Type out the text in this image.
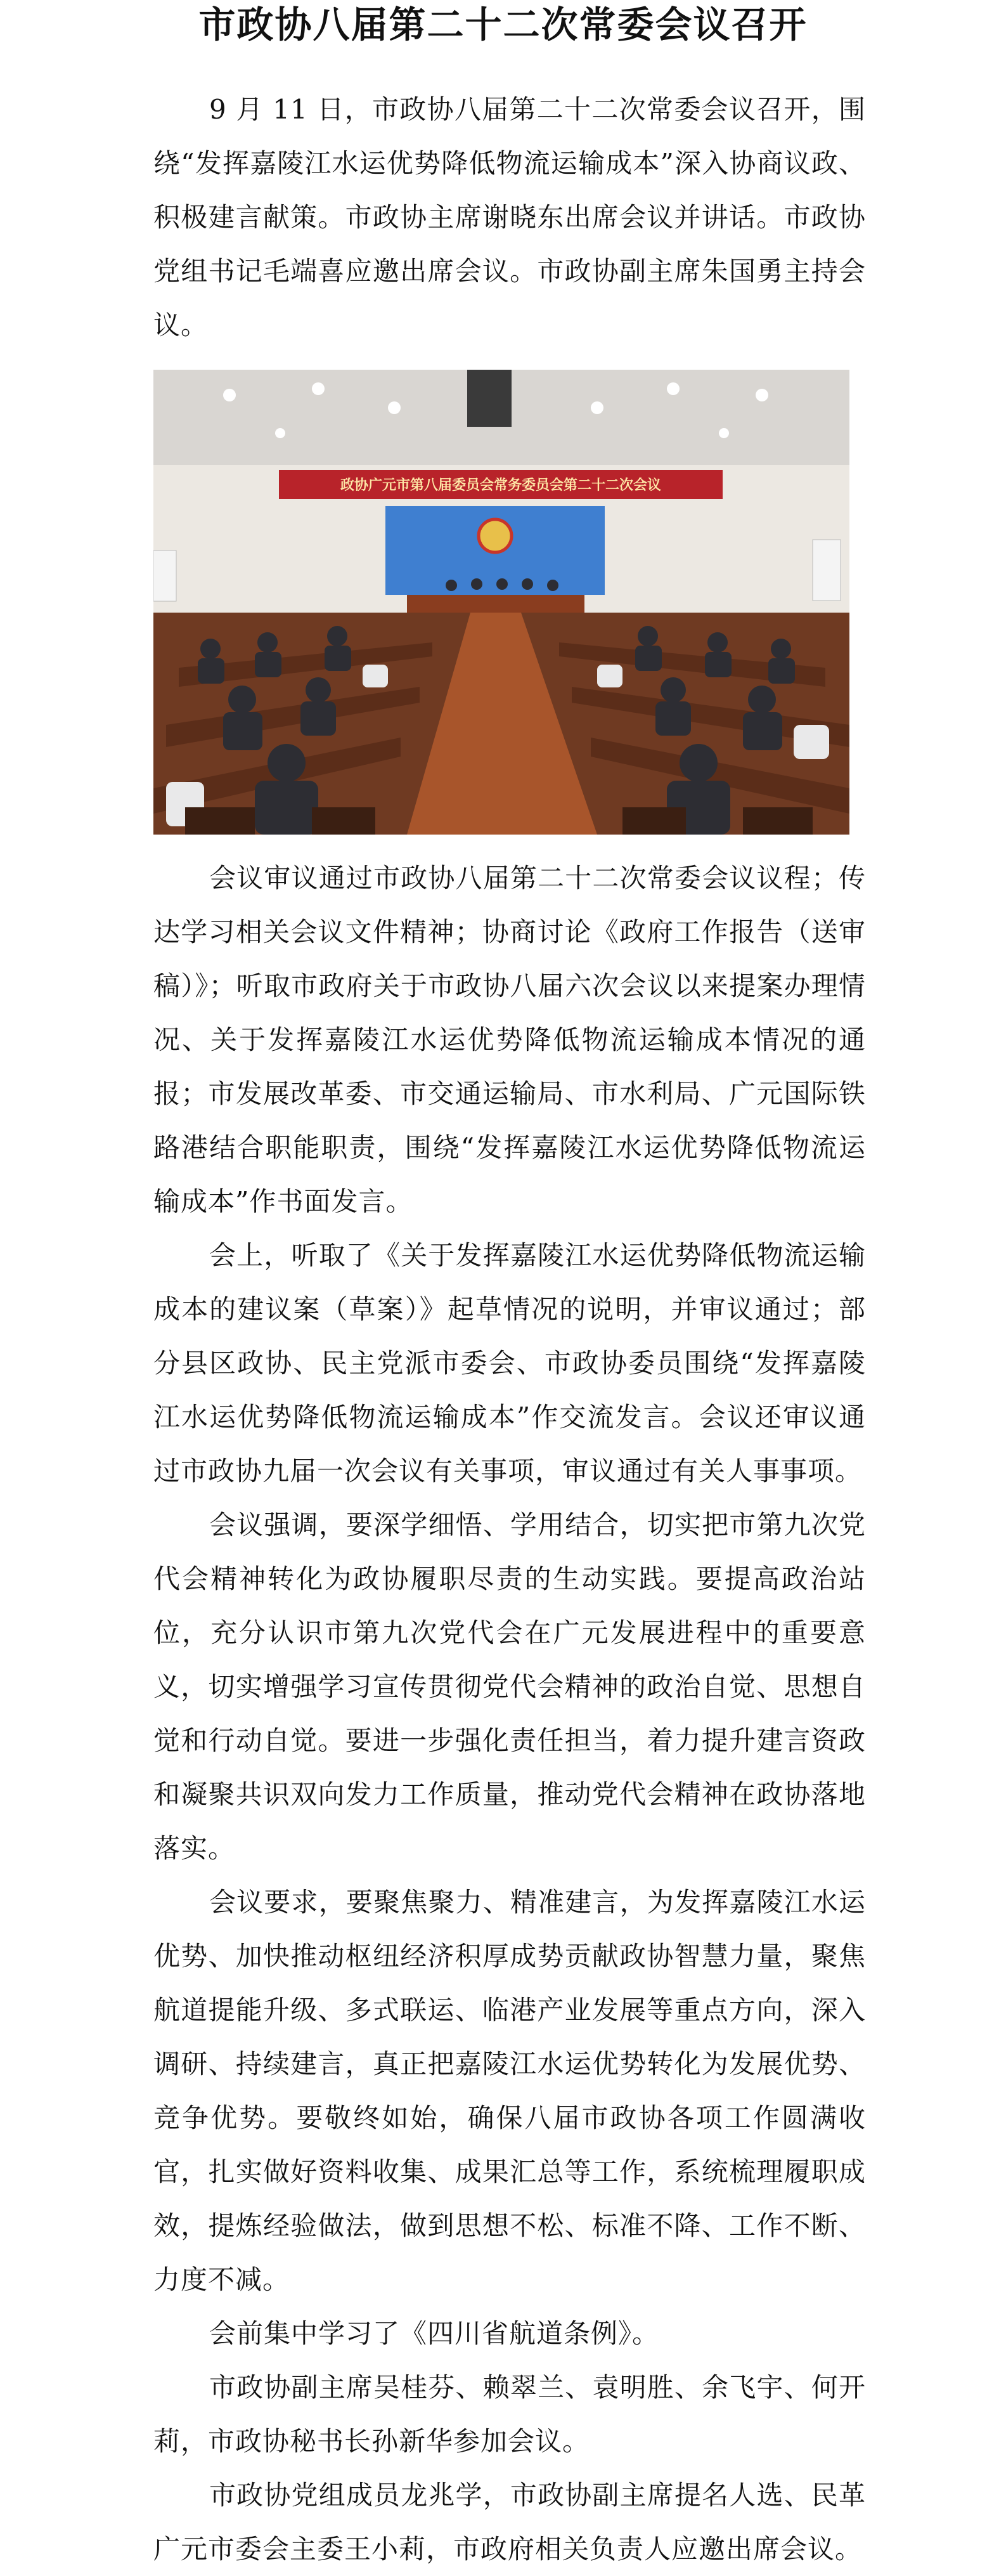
市政协八届第二十二次常委会议召开

9 月 11 日，市政协八届第二十二次常委会议召开，围绕“发挥嘉陵江水运优势降低物流运输成本”深入协商议政、积极建言献策。市政协主席谢晓东出席会议并讲话。市政协党组书记毛端喜应邀出席会议。市政协副主席朱国勇主持会议。

政协广元市第八届委员会常务委员会第二十二次会议

会议审议通过市政协八届第二十二次常委会议议程；传达学习相关会议文件精神；协商讨论《政府工作报告（送审稿）》；听取市政府关于市政协八届六次会议以来提案办理情况、关于发挥嘉陵江水运优势降低物流运输成本情况的通报；市发展改革委、市交通运输局、市水利局、广元国际铁路港结合职能职责，围绕“发挥嘉陵江水运优势降低物流运输成本”作书面发言。

会上，听取了《关于发挥嘉陵江水运优势降低物流运输成本的建议案（草案）》起草情况的说明，并审议通过；部分县区政协、民主党派市委会、市政协委员围绕“发挥嘉陵江水运优势降低物流运输成本”作交流发言。会议还审议通过市政协九届一次会议有关事项，审议通过有关人事事项。

会议强调，要深学细悟、学用结合，切实把市第九次党代会精神转化为政协履职尽责的生动实践。要提高政治站位，充分认识市第九次党代会在广元发展进程中的重要意义，切实增强学习宣传贯彻党代会精神的政治自觉、思想自觉和行动自觉。要进一步强化责任担当，着力提升建言资政和凝聚共识双向发力工作质量，推动党代会精神在政协落地落实。

会议要求，要聚焦聚力、精准建言，为发挥嘉陵江水运优势、加快推动枢纽经济积厚成势贡献政协智慧力量，聚焦航道提能升级、多式联运、临港产业发展等重点方向，深入调研、持续建言，真正把嘉陵江水运优势转化为发展优势、竞争优势。要敬终如始，确保八届市政协各项工作圆满收官，扎实做好资料收集、成果汇总等工作，系统梳理履职成效，提炼经验做法，做到思想不松、标准不降、工作不断、力度不减。

会前集中学习了《四川省航道条例》。

市政协副主席吴桂芬、赖翠兰、袁明胜、余飞宇、何开莉，市政协秘书长孙新华参加会议。

市政协党组成员龙兆学，市政协副主席提名人选、民革广元市委会主委王小莉，市政府相关负责人应邀出席会议。
